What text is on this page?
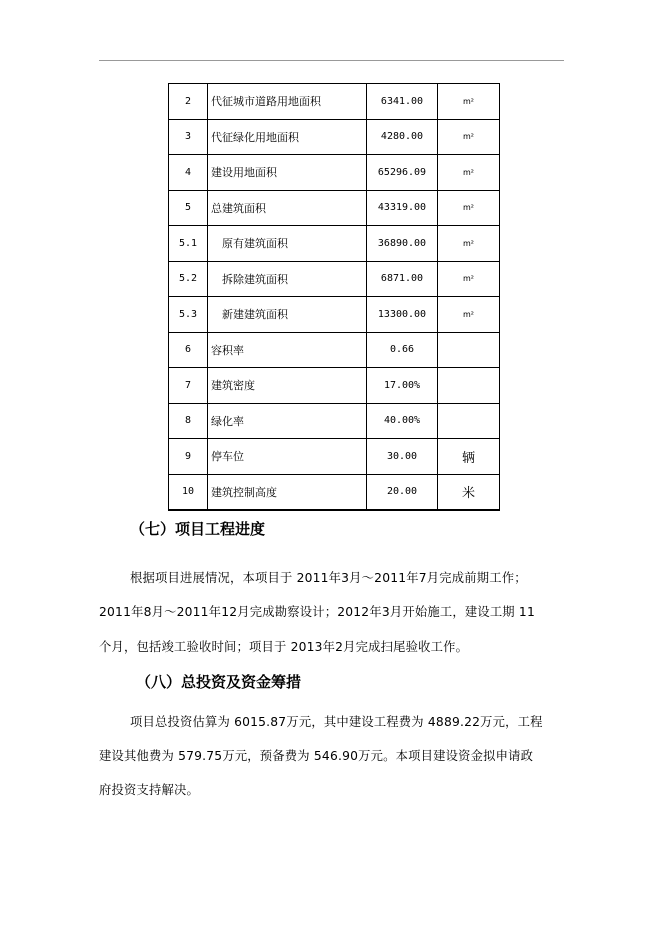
2	代征城市道路用地面积	6341.00	m²
3	代征绿化用地面积	4280.00	m²
4	建设用地面积	65296.09	m²
5	总建筑面积	43319.00	m²
5.1	原有建筑面积	36890.00	m²
5.2	拆除建筑面积	6871.00	m²
5.3	新建建筑面积	13300.00	m²
6	容积率	0.66	
7	建筑密度	17.00%	
8	绿化率	40.00%	
9	停车位	30.00	辆
10	建筑控制高度	20.00	米
（七）项目工程进度
根据项目进展情况，本项目于 2011年3月～2011年7月完成前期工作；
2011年8月～2011年12月完成勘察设计；2012年3月开始施工，建设工期 11
个月，包括竣工验收时间；项目于 2013年2月完成扫尾验收工作。
（八）总投资及资金筹措
项目总投资估算为 6015.87万元，其中建设工程费为 4889.22万元，工程
建设其他费为 579.75万元，预备费为 546.90万元。本项目建设资金拟申请政
府投资支持解决。
